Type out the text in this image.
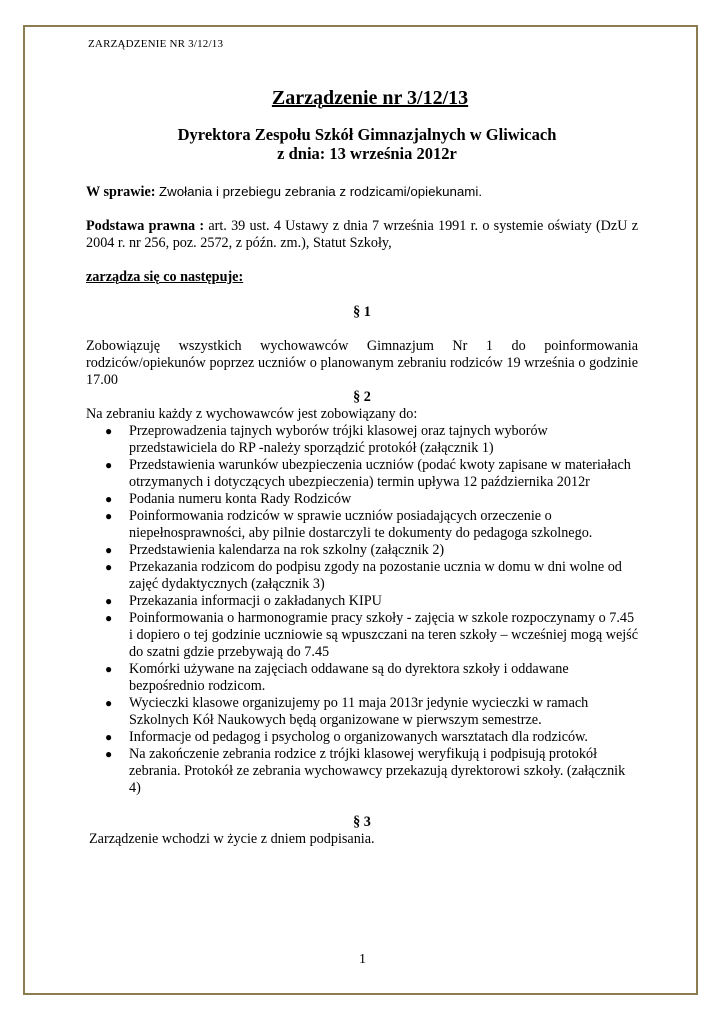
ZARZĄDZENIE NR 3/12/13
Zarządzenie nr 3/12/13
Dyrektora Zespołu Szkół Gimnazjalnych w Gliwicach
z dnia: 13 września 2012r
W sprawie: Zwołania i przebiegu zebrania z rodzicami/opiekunami.
Podstawa prawna : art. 39 ust. 4 Ustawy z dnia 7 września 1991 r. o systemie oświaty (DzU z 2004 r. nr 256, poz. 2572, z późn. zm.), Statut Szkoły,
zarządza się co następuje:
§ 1
Zobowiązuję wszystkich wychowawców Gimnazjum Nr 1 do poinformowania rodziców/opiekunów poprzez uczniów o planowanym zebraniu rodziców 19 września o godzinie 17.00
§ 2
Na zebraniu każdy z wychowawców jest zobowiązany do:
● Przeprowadzenia tajnych wyborów trójki klasowej oraz tajnych wyborów przedstawiciela do RP -należy sporządzić protokół (załącznik 1)
● Przedstawienia warunków ubezpieczenia uczniów (podać kwoty zapisane w materiałach otrzymanych i dotyczących ubezpieczenia) termin upływa 12 października 2012r
● Podania numeru konta Rady Rodziców
● Poinformowania rodziców w sprawie uczniów posiadających orzeczenie o niepełnosprawności, aby pilnie dostarczyli te dokumenty do pedagoga szkolnego.
● Przedstawienia kalendarza na rok szkolny (załącznik 2)
● Przekazania rodzicom do podpisu zgody na pozostanie ucznia w domu w dni wolne od zajęć dydaktycznych (załącznik 3)
● Przekazania informacji o zakładanych KIPU
● Poinformowania o harmonogramie pracy szkoły - zajęcia w szkole rozpoczynamy o 7.45 i dopiero o tej godzinie uczniowie są wpuszczani na teren szkoły – wcześniej mogą wejść do szatni gdzie przebywają do 7.45
● Komórki używane na zajęciach oddawane są do dyrektora szkoły i oddawane bezpośrednio rodzicom.
● Wycieczki klasowe organizujemy po 11 maja 2013r jedynie wycieczki w ramach Szkolnych Kół Naukowych będą organizowane w pierwszym semestrze.
● Informacje od pedagog i psycholog o organizowanych warsztatach dla rodziców.
● Na zakończenie zebrania rodzice z trójki klasowej weryfikują i podpisują protokół zebrania. Protokół ze zebrania wychowawcy przekazują dyrektorowi szkoły. (załącznik 4)
§ 3
Zarządzenie wchodzi w życie z dniem podpisania.
1
